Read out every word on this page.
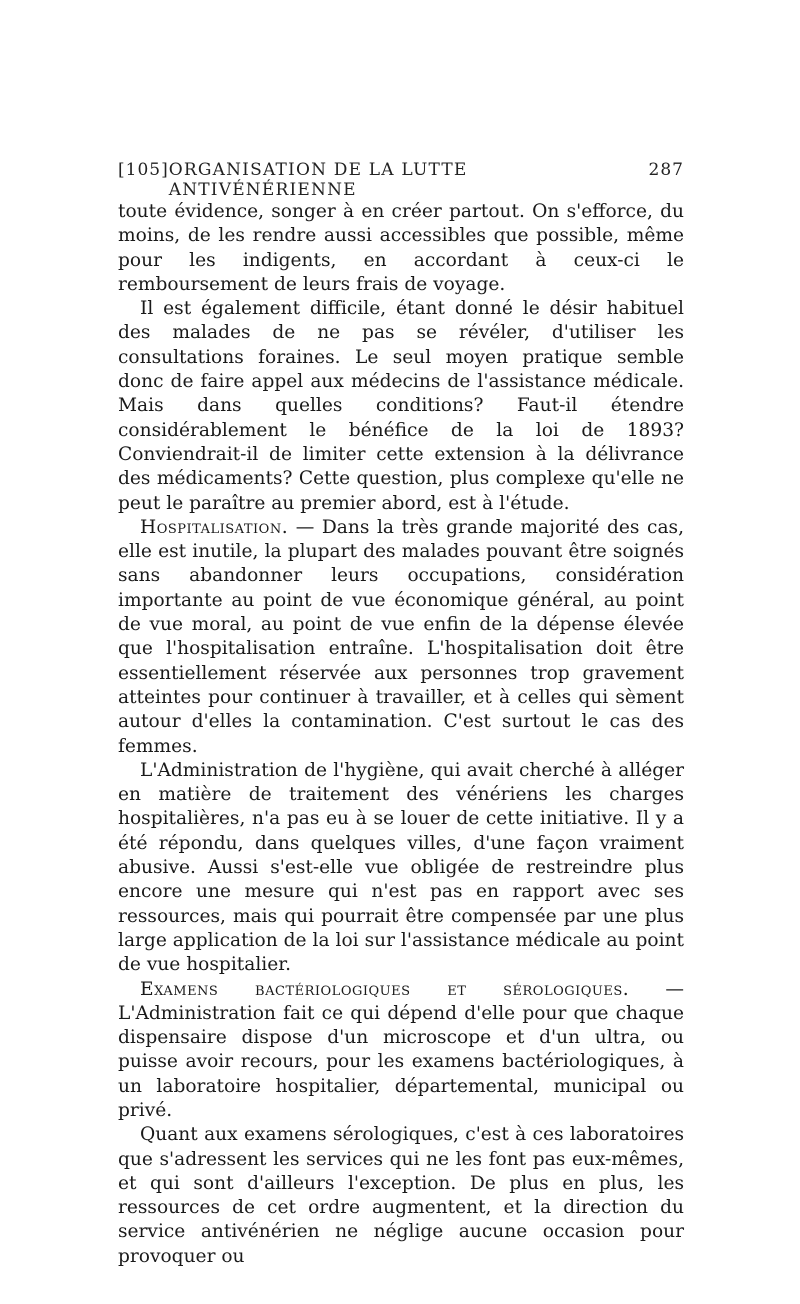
[105] ORGANISATION DE LA LUTTE ANTIVÉNÉRIENNE
287

toute évidence, songer à en créer partout. On s'efforce, du moins, de les rendre aussi accessibles que possible, même pour les indigents, en accordant à ceux-ci le remboursement de leurs frais de voyage.

Il est également difficile, étant donné le désir habituel des malades de ne pas se révéler, d'utiliser les consultations foraines. Le seul moyen pratique semble donc de faire appel aux médecins de l'assistance médicale. Mais dans quelles conditions? Faut-il étendre considérablement le bénéfice de la loi de 1893? Conviendrait-il de limiter cette extension à la délivrance des médicaments? Cette question, plus complexe qu'elle ne peut le paraître au premier abord, est à l'étude.

Hospitalisation. — Dans la très grande majorité des cas, elle est inutile, la plupart des malades pouvant être soignés sans abandonner leurs occupations, considération importante au point de vue économique général, au point de vue moral, au point de vue enfin de la dépense élevée que l'hospitalisation entraîne. L'hospitalisation doit être essentiellement réservée aux personnes trop gravement atteintes pour continuer à travailler, et à celles qui sèment autour d'elles la contamination. C'est surtout le cas des femmes.

L'Administration de l'hygiène, qui avait cherché à alléger en matière de traitement des vénériens les charges hospitalières, n'a pas eu à se louer de cette initiative. Il y a été répondu, dans quelques villes, d'une façon vraiment abusive. Aussi s'est-elle vue obligée de restreindre plus encore une mesure qui n'est pas en rapport avec ses ressources, mais qui pourrait être compensée par une plus large application de la loi sur l'assistance médicale au point de vue hospitalier.

Examens bactériologiques et sérologiques. — L'Administration fait ce qui dépend d'elle pour que chaque dispensaire dispose d'un microscope et d'un ultra, ou puisse avoir recours, pour les examens bactériologiques, à un laboratoire hospitalier, départemental, municipal ou privé.

Quant aux examens sérologiques, c'est à ces laboratoires que s'adressent les services qui ne les font pas eux-mêmes, et qui sont d'ailleurs l'exception. De plus en plus, les ressources de cet ordre augmentent, et la direction du service antivénérien ne néglige aucune occasion pour provoquer ou
